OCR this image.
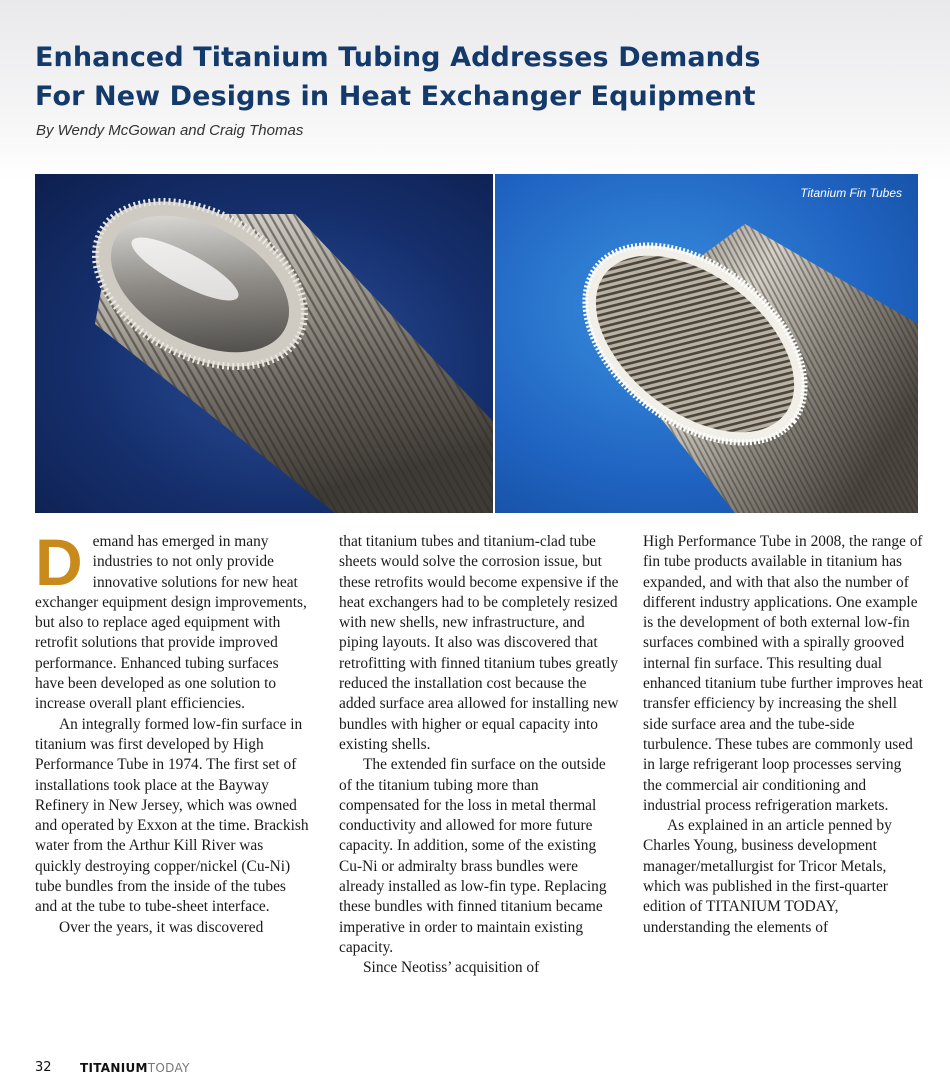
Enhanced Titanium Tubing Addresses Demands
For New Designs in Heat Exchanger Equipment
By Wendy McGowan and Craig Thomas
Titanium Fin Tubes
D emand has emerged in many industries to not only provide innovative solutions for new heat exchanger equipment design improvements, but also to replace aged equipment with retrofit solutions that provide improved performance. Enhanced tubing surfaces have been developed as one solution to increase overall plant efficiencies.

An integrally formed low-fin surface in titanium was first developed by High Performance Tube in 1974. The first set of installations took place at the Bayway Refinery in New Jersey, which was owned and operated by Exxon at the time. Brackish water from the Arthur Kill River was quickly destroying copper/nickel (Cu-Ni) tube bundles from the inside of the tubes and at the tube to tube-sheet interface.

Over the years, it was discovered

that titanium tubes and titanium-clad tube sheets would solve the corrosion issue, but these retrofits would become expensive if the heat exchangers had to be completely resized with new shells, new infrastructure, and piping layouts. It also was discovered that retrofitting with finned titanium tubes greatly reduced the installation cost because the added surface area allowed for installing new bundles with higher or equal capacity into existing shells.

The extended fin surface on the outside of the titanium tubing more than compensated for the loss in metal thermal conductivity and allowed for more future capacity. In addition, some of the existing Cu-Ni or admiralty brass bundles were already installed as low-fin type. Replacing these bundles with finned titanium became imperative in order to maintain existing capacity.

Since Neotiss’ acquisition of

High Performance Tube in 2008, the range of fin tube products available in titanium has expanded, and with that also the number of different industry applications. One example is the development of both external low-fin surfaces combined with a spirally grooved internal fin surface. This resulting dual enhanced titanium tube further improves heat transfer efficiency by increasing the shell side surface area and the tube-side turbulence. These tubes are commonly used in large refrigerant loop processes serving the commercial air conditioning and industrial process refrigeration markets.

As explained in an article penned by Charles Young, business development manager/metallurgist for Tricor Metals, which was published in the first-quarter edition of TITANIUM TODAY, understanding the elements of

32 TITANIUMTODAY
